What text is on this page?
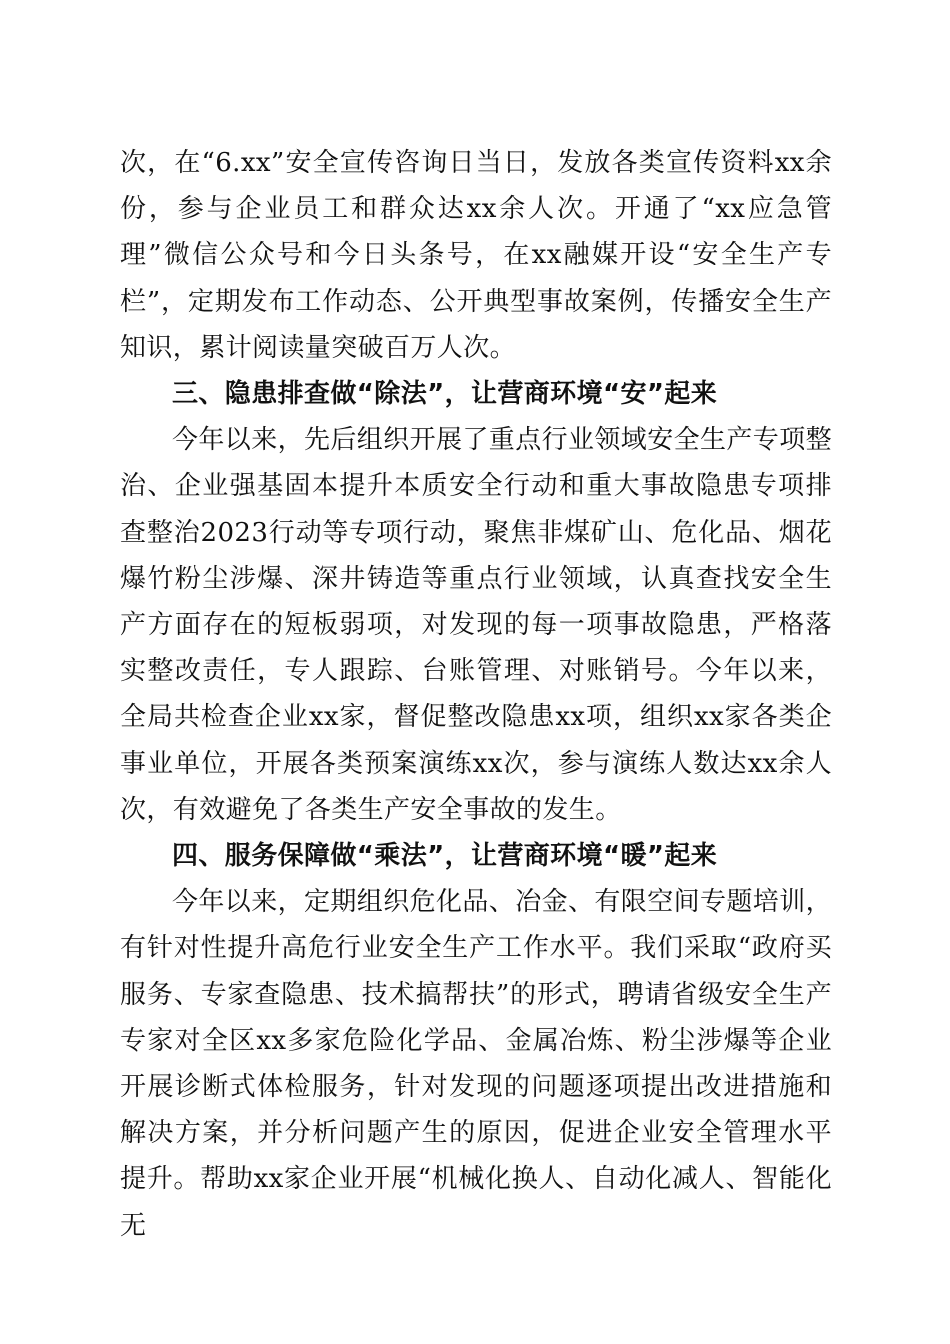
次，在“6.xx”安全宣传咨询日当日，发放各类宣传资料xx余份，参与企业员工和群众达xx余人次。开通了“xx应急管理”微信公众号和今日头条号，在xx融媒开设“安全生产专栏”，定期发布工作动态、公开典型事故案例，传播安全生产知识，累计阅读量突破百万人次。

三、隐患排查做“除法”，让营商环境“安”起来

今年以来，先后组织开展了重点行业领域安全生产专项整治、企业强基固本提升本质安全行动和重大事故隐患专项排查整治2023行动等专项行动，聚焦非煤矿山、危化品、烟花爆竹粉尘涉爆、深井铸造等重点行业领域，认真查找安全生产方面存在的短板弱项，对发现的每一项事故隐患，严格落实整改责任，专人跟踪、台账管理、对账销号。今年以来，全局共检查企业xx家，督促整改隐患xx项，组织xx家各类企事业单位，开展各类预案演练xx次，参与演练人数达xx余人次，有效避免了各类生产安全事故的发生。

四、服务保障做“乘法”，让营商环境“暖”起来

今年以来，定期组织危化品、冶金、有限空间专题培训，有针对性提升高危行业安全生产工作水平。我们采取“政府买服务、专家查隐患、技术搞帮扶”的形式，聘请省级安全生产专家对全区xx多家危险化学品、金属冶炼、粉尘涉爆等企业开展诊断式体检服务，针对发现的问题逐项提出改进措施和解决方案，并分析问题产生的原因，促进企业安全管理水平提升。帮助xx家企业开展“机械化换人、自动化减人、智能化无
